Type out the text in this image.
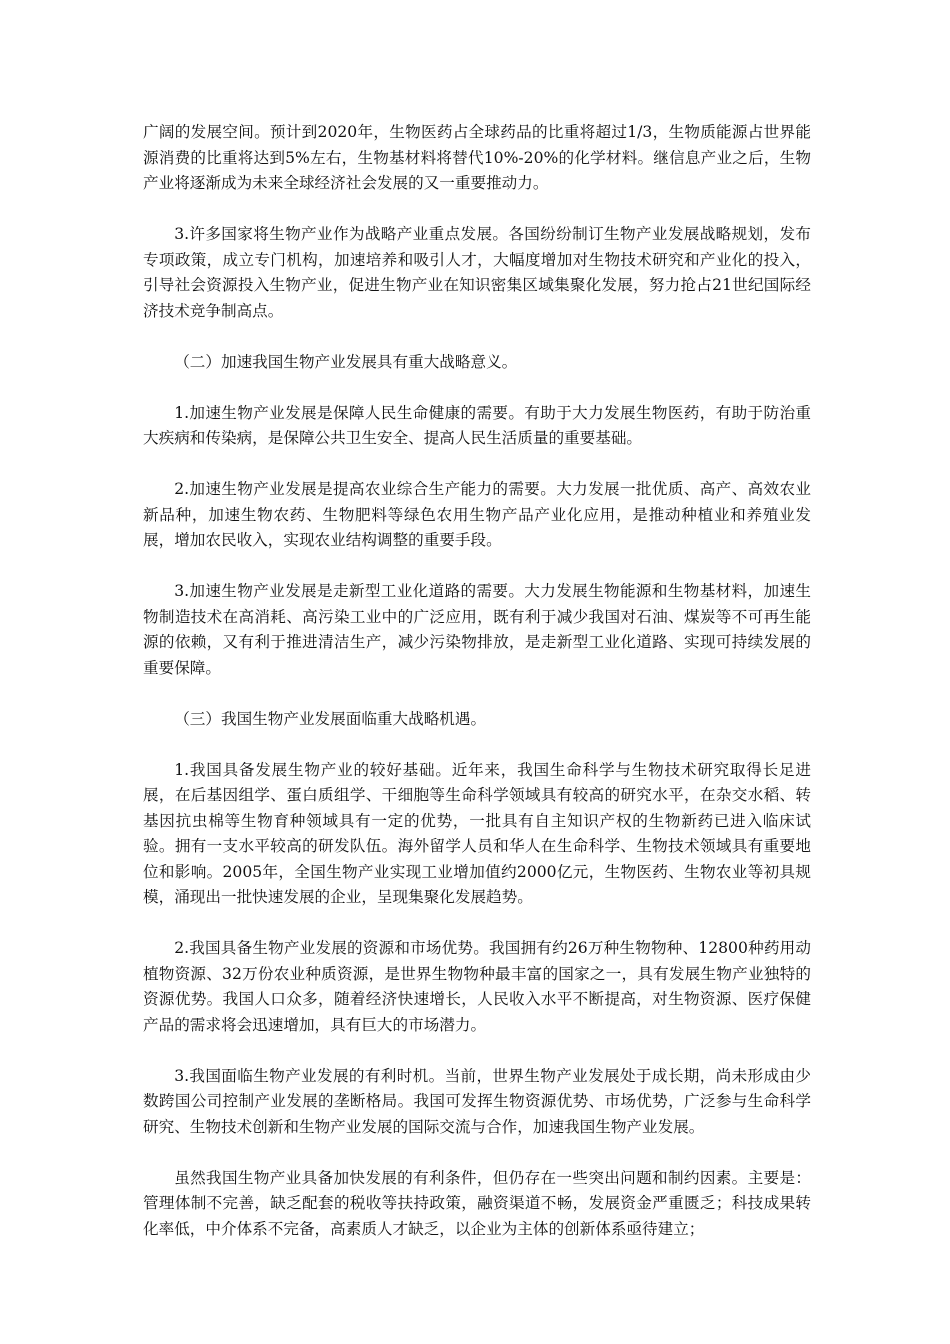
广阔的发展空间。预计到2020年，生物医药占全球药品的比重将超过1/3，生物质能源占世界能源消费的比重将达到5%左右，生物基材料将替代10%-20%的化学材料。继信息产业之后，生物产业将逐渐成为未来全球经济社会发展的又一重要推动力。

3.许多国家将生物产业作为战略产业重点发展。各国纷纷制订生物产业发展战略规划，发布专项政策，成立专门机构，加速培养和吸引人才，大幅度增加对生物技术研究和产业化的投入，引导社会资源投入生物产业，促进生物产业在知识密集区域集聚化发展，努力抢占21世纪国际经济技术竞争制高点。

（二）加速我国生物产业发展具有重大战略意义。

1.加速生物产业发展是保障人民生命健康的需要。有助于大力发展生物医药，有助于防治重大疾病和传染病，是保障公共卫生安全、提高人民生活质量的重要基础。

2.加速生物产业发展是提高农业综合生产能力的需要。大力发展一批优质、高产、高效农业新品种，加速生物农药、生物肥料等绿色农用生物产品产业化应用，是推动种植业和养殖业发展，增加农民收入，实现农业结构调整的重要手段。

3.加速生物产业发展是走新型工业化道路的需要。大力发展生物能源和生物基材料，加速生物制造技术在高消耗、高污染工业中的广泛应用，既有利于减少我国对石油、煤炭等不可再生能源的依赖，又有利于推进清洁生产，减少污染物排放，是走新型工业化道路、实现可持续发展的重要保障。

（三）我国生物产业发展面临重大战略机遇。

1.我国具备发展生物产业的较好基础。近年来，我国生命科学与生物技术研究取得长足进展，在后基因组学、蛋白质组学、干细胞等生命科学领域具有较高的研究水平，在杂交水稻、转基因抗虫棉等生物育种领域具有一定的优势，一批具有自主知识产权的生物新药已进入临床试验。拥有一支水平较高的研发队伍。海外留学人员和华人在生命科学、生物技术领域具有重要地位和影响。2005年，全国生物产业实现工业增加值约2000亿元，生物医药、生物农业等初具规模，涌现出一批快速发展的企业，呈现集聚化发展趋势。

2.我国具备生物产业发展的资源和市场优势。我国拥有约26万种生物物种、12800种药用动植物资源、32万份农业种质资源，是世界生物物种最丰富的国家之一，具有发展生物产业独特的资源优势。我国人口众多，随着经济快速增长，人民收入水平不断提高，对生物资源、医疗保健产品的需求将会迅速增加，具有巨大的市场潜力。

3.我国面临生物产业发展的有利时机。当前，世界生物产业发展处于成长期，尚未形成由少数跨国公司控制产业发展的垄断格局。我国可发挥生物资源优势、市场优势，广泛参与生命科学研究、生物技术创新和生物产业发展的国际交流与合作，加速我国生物产业发展。

虽然我国生物产业具备加快发展的有利条件，但仍存在一些突出问题和制约因素。主要是：管理体制不完善，缺乏配套的税收等扶持政策，融资渠道不畅，发展资金严重匮乏；科技成果转化率低，中介体系不完备，高素质人才缺乏，以企业为主体的创新体系亟待建立；
